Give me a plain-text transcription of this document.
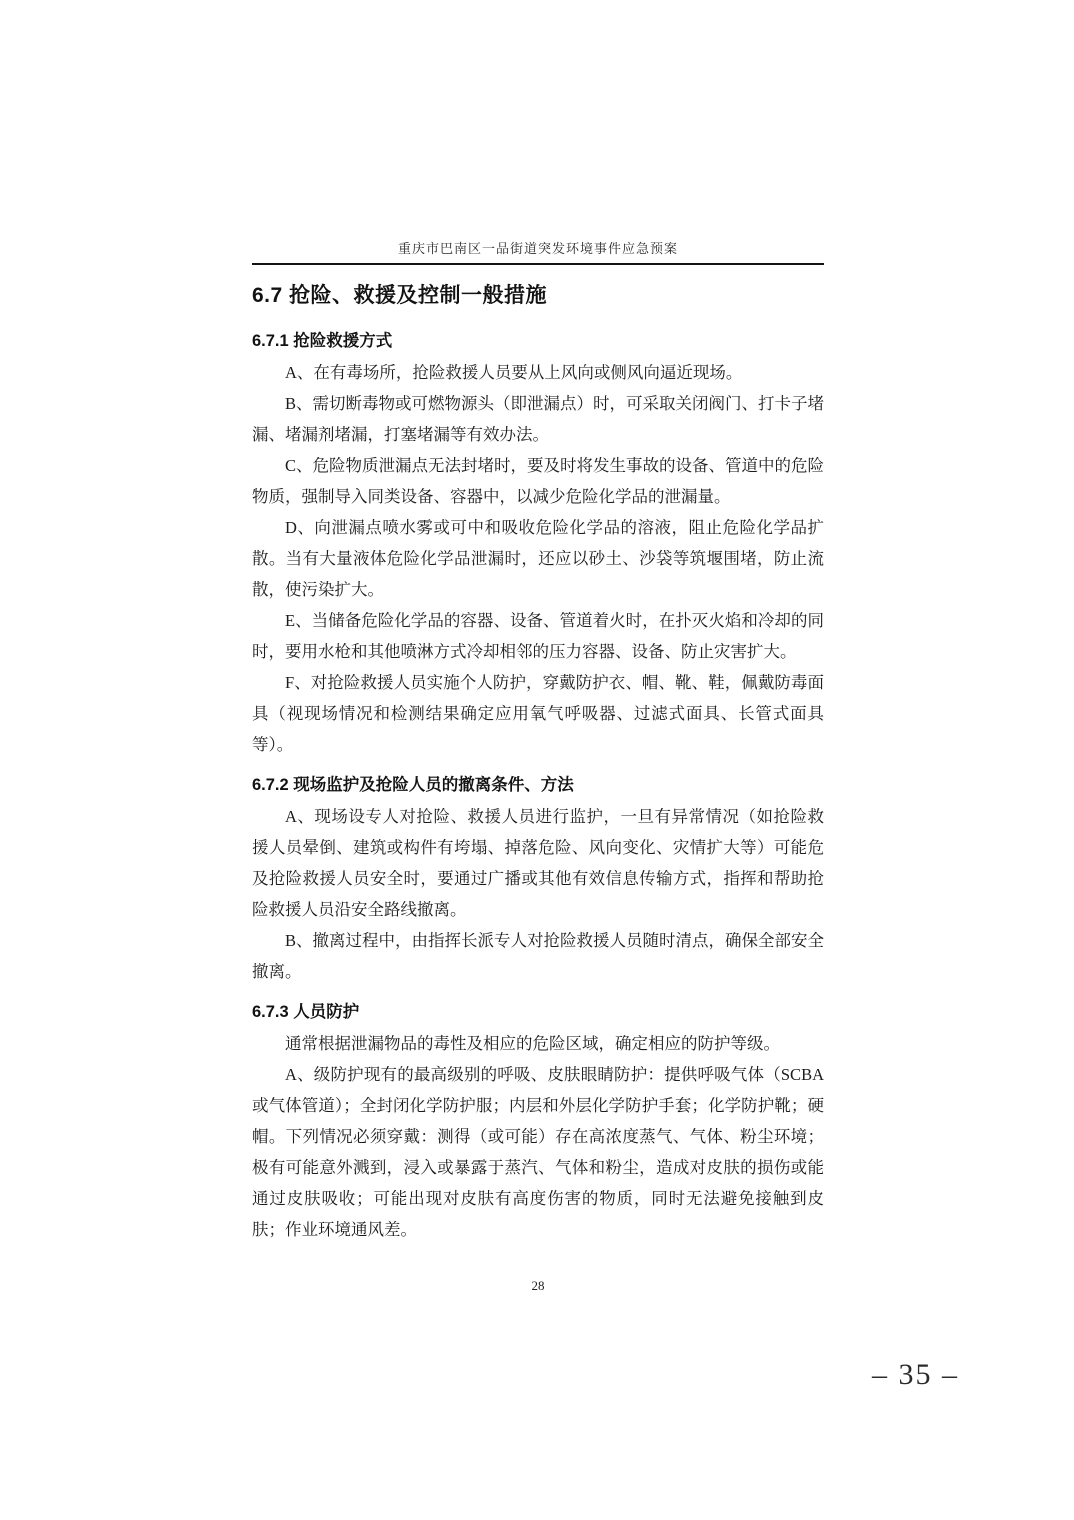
重庆市巴南区一品街道突发环境事件应急预案
6.7 抢险、救援及控制一般措施
6.7.1 抢险救援方式

A、在有毒场所，抢险救援人员要从上风向或侧风向逼近现场。

B、需切断毒物或可燃物源头（即泄漏点）时，可采取关闭阀门、打卡子堵漏、堵漏剂堵漏，打塞堵漏等有效办法。

C、危险物质泄漏点无法封堵时，要及时将发生事故的设备、管道中的危险物质，强制导入同类设备、容器中，以减少危险化学品的泄漏量。

D、向泄漏点喷水雾或可中和吸收危险化学品的溶液，阻止危险化学品扩散。当有大量液体危险化学品泄漏时，还应以砂土、沙袋等筑堰围堵，防止流散，使污染扩大。

E、当储备危险化学品的容器、设备、管道着火时，在扑灭火焰和冷却的同时，要用水枪和其他喷淋方式冷却相邻的压力容器、设备、防止灾害扩大。

F、对抢险救援人员实施个人防护，穿戴防护衣、帽、靴、鞋，佩戴防毒面具（视现场情况和检测结果确定应用氧气呼吸器、过滤式面具、长管式面具等）。

6.7.2 现场监护及抢险人员的撤离条件、方法

A、现场设专人对抢险、救援人员进行监护，一旦有异常情况（如抢险救援人员晕倒、建筑或构件有垮塌、掉落危险、风向变化、灾情扩大等）可能危及抢险救援人员安全时，要通过广播或其他有效信息传输方式，指挥和帮助抢险救援人员沿安全路线撤离。

B、撤离过程中，由指挥长派专人对抢险救援人员随时清点，确保全部安全撤离。

6.7.3 人员防护

通常根据泄漏物品的毒性及相应的危险区域，确定相应的防护等级。

A、级防护现有的最高级别的呼吸、皮肤眼睛防护：提供呼吸气体（SCBA或气体管道）；全封闭化学防护服；内层和外层化学防护手套；化学防护靴；硬帽。下列情况必须穿戴：测得（或可能）存在高浓度蒸气、气体、粉尘环境；极有可能意外溅到，浸入或暴露于蒸汽、气体和粉尘，造成对皮肤的损伤或能通过皮肤吸收；可能出现对皮肤有高度伤害的物质，同时无法避免接触到皮肤；作业环境通风差。

28
– 35 –
